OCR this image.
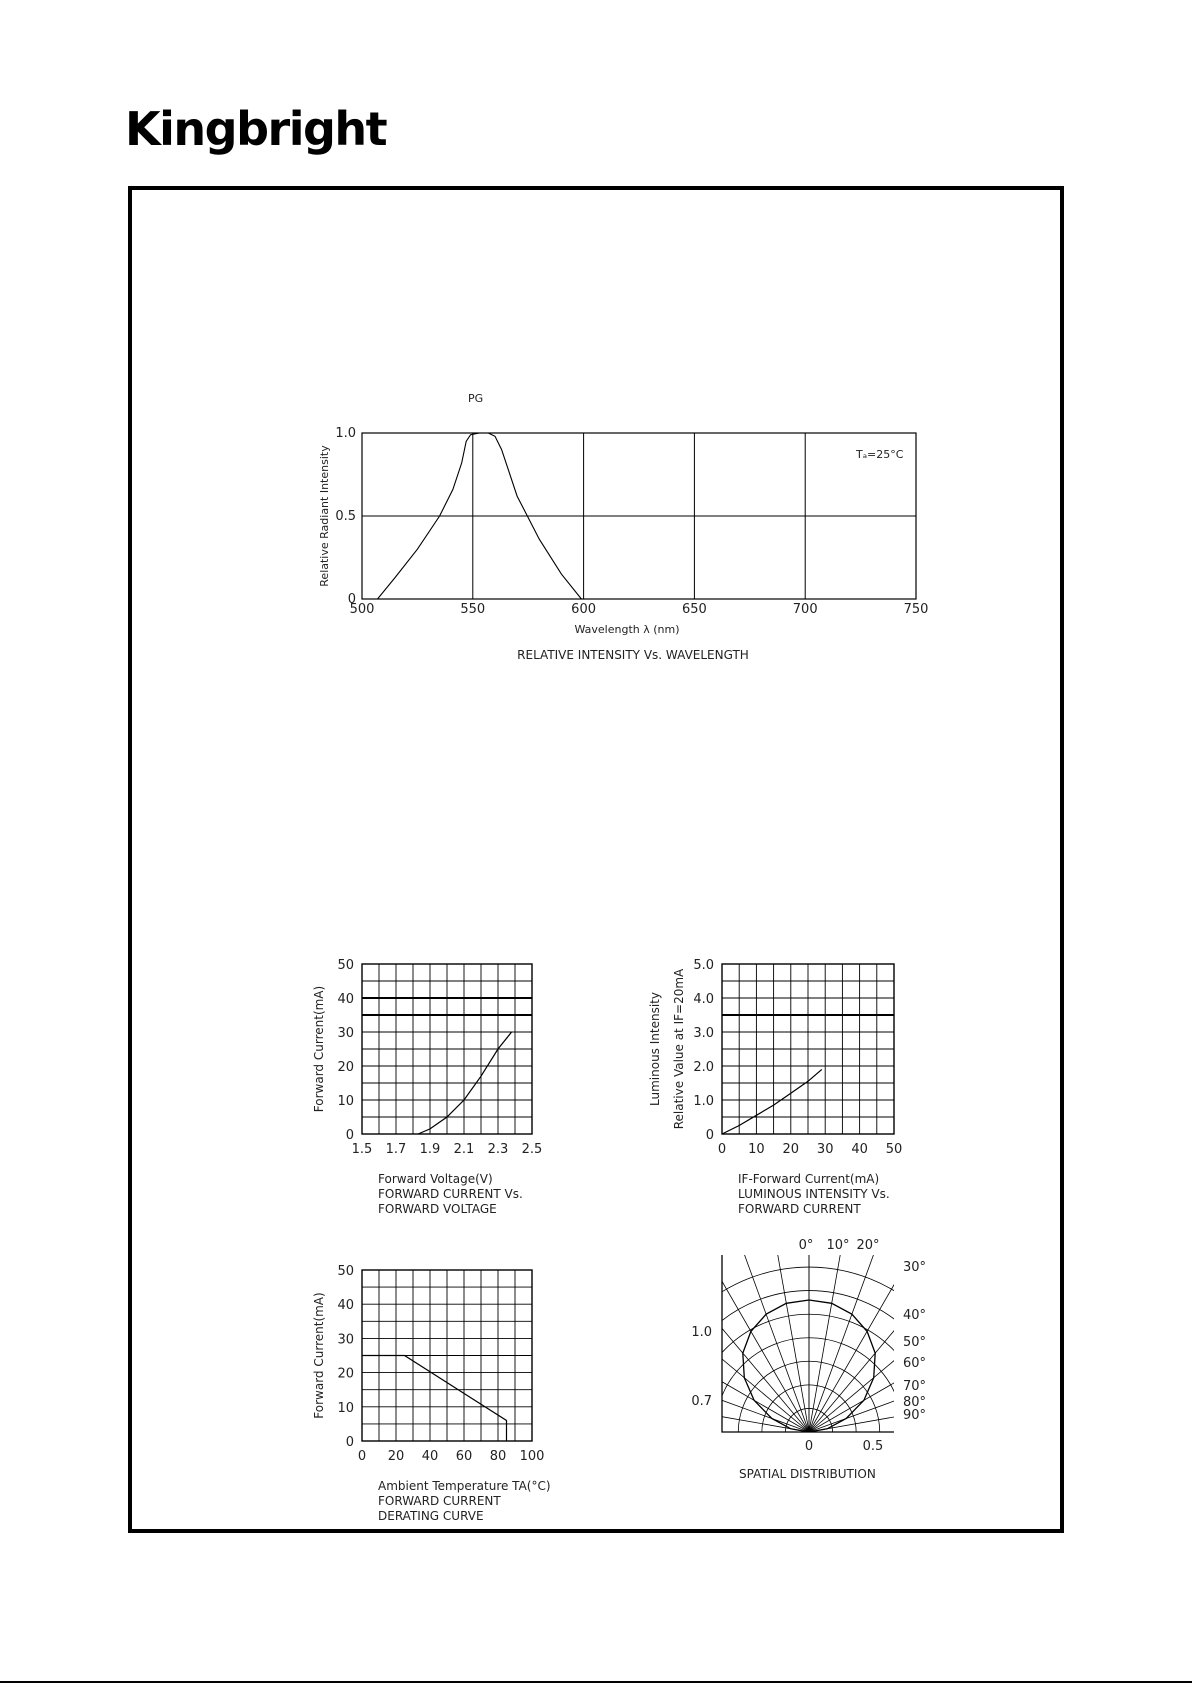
Kingbright
500	550	600	650	700	750
0
0.5
1.0
PG
Tₐ=25°C
Wavelength λ (nm)
Relative Radiant Intensity
RELATIVE INTENSITY Vs. WAVELENGTH
1.5 1.7 1.9 2.1 2.3 2.5
0
10
20
30
40
50
Forward Voltage(V)
FORWARD CURRENT Vs.
FORWARD VOLTAGE
Forward Current(mA)
0 10 20 30 40 50
0
1.0
2.0
3.0
4.0
5.0
IF-Forward Current(mA)
LUMINOUS INTENSITY Vs.
FORWARD CURRENT
Luminous Intensity Relative Value at IF=20mA
0 20 40 60 80 100
0
10
20
30
40
50
Ambient Temperature TA(°C)
FORWARD CURRENT
DERATING CURVE
Forward Current(mA)
0° 10° 20°
30°
40°
50°
60°
70°
80°
90°
1.0
0.7
0	0.5
SPATIAL DISTRIBUTION
